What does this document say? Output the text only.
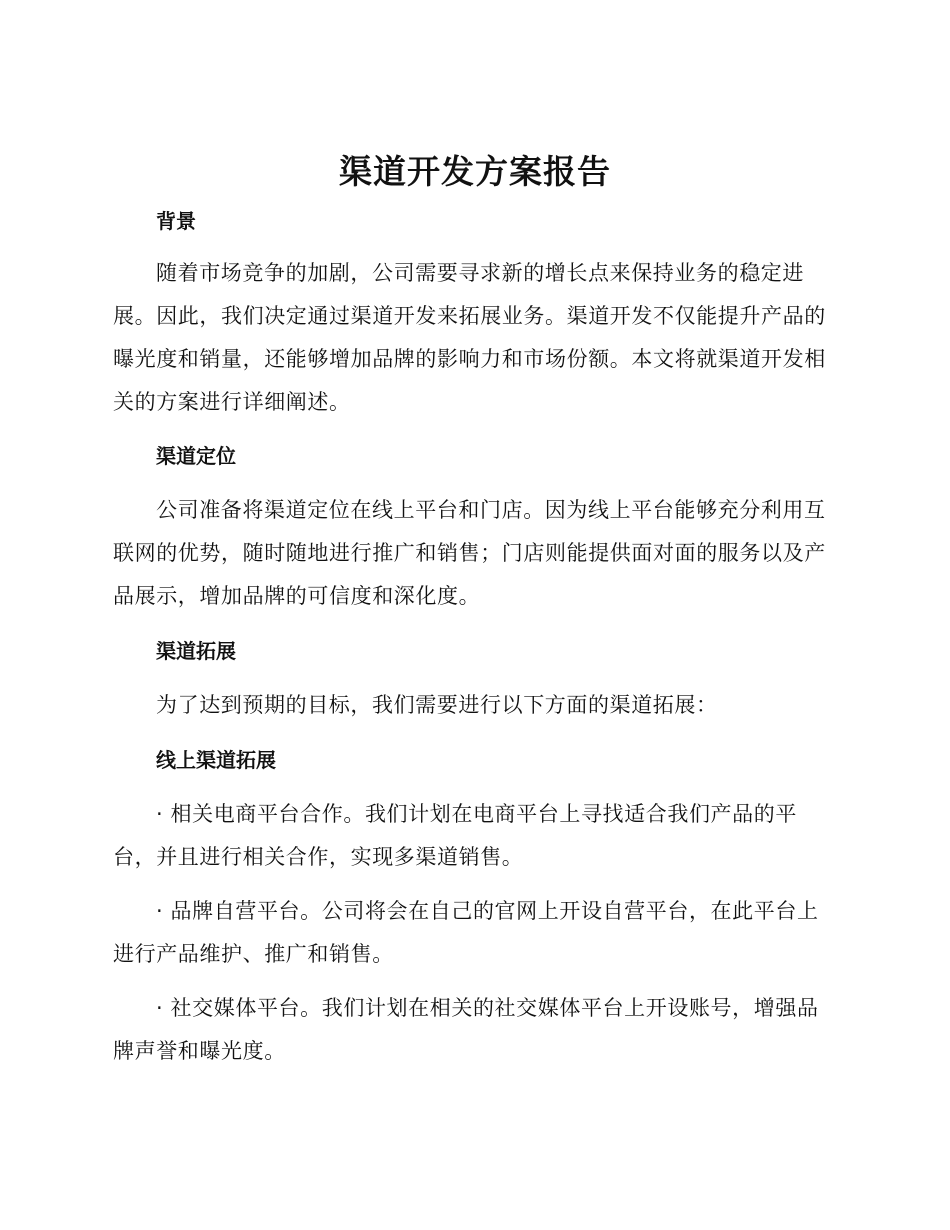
渠道开发方案报告
背景

随着市场竞争的加剧，公司需要寻求新的增长点来保持业务的稳定进展。因此，我们决定通过渠道开发来拓展业务。渠道开发不仅能提升产品的曝光度和销量，还能够增加品牌的影响力和市场份额。本文将就渠道开发相关的方案进行详细阐述。

渠道定位

公司准备将渠道定位在线上平台和门店。因为线上平台能够充分利用互联网的优势，随时随地进行推广和销售；门店则能提供面对面的服务以及产品展示，增加品牌的可信度和深化度。

渠道拓展

为了达到预期的目标，我们需要进行以下方面的渠道拓展：

线上渠道拓展

· 相关电商平台合作。我们计划在电商平台上寻找适合我们产品的平台，并且进行相关合作，实现多渠道销售。

· 品牌自营平台。公司将会在自己的官网上开设自营平台，在此平台上进行产品维护、推广和销售。

· 社交媒体平台。我们计划在相关的社交媒体平台上开设账号，增强品牌声誉和曝光度。
